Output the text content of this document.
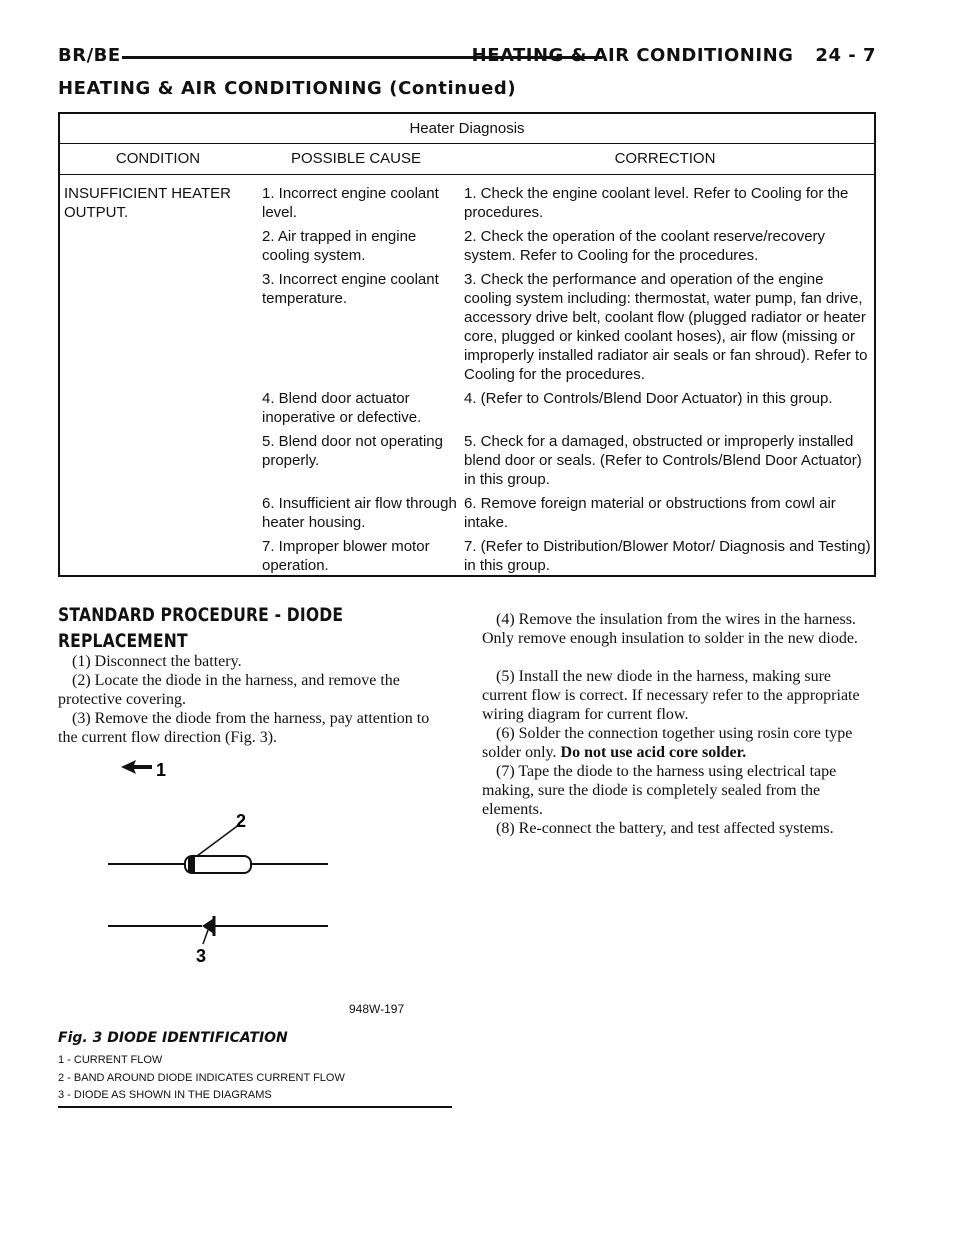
BR/BE	HEATING & AIR CONDITIONING 24 - 7
HEATING & AIR CONDITIONING (Continued)
Heater Diagnosis
CONDITION	POSSIBLE CAUSE	CORRECTION
INSUFFICIENT HEATER OUTPUT.
1. Incorrect engine coolant level.
1. Check the engine coolant level. Refer to Cooling for the procedures.
2. Air trapped in engine cooling system.
2. Check the operation of the coolant reserve/recovery system. Refer to Cooling for the procedures.
3. Incorrect engine coolant temperature.
3. Check the performance and operation of the engine cooling system including: thermostat, water pump, fan drive, accessory drive belt, coolant flow (plugged radiator or heater core, plugged or kinked coolant hoses), air flow (missing or improperly installed radiator air seals or fan shroud). Refer to Cooling for the procedures.
4. Blend door actuator inoperative or defective.
4. (Refer to Controls/Blend Door Actuator) in this group.
5. Blend door not operating properly.
5. Check for a damaged, obstructed or improperly installed blend door or seals. (Refer to Controls/Blend Door Actuator) in this group.
6. Insufficient air flow through heater housing.
6. Remove foreign material or obstructions from cowl air intake.
7. Improper blower motor operation.
7. (Refer to Distribution/Blower Motor/ Diagnosis and Testing) in this group.
STANDARD PROCEDURE - DIODE REPLACEMENT
(1) Disconnect the battery.
(2) Locate the diode in the harness, and remove the protective covering.
(3) Remove the diode from the harness, pay attention to the current flow direction (Fig. 3).
(4) Remove the insulation from the wires in the harness. Only remove enough insulation to solder in the new diode.
(5) Install the new diode in the harness, making sure current flow is correct. If necessary refer to the appropriate wiring diagram for current flow.
(6) Solder the connection together using rosin core type solder only. Do not use acid core solder.
(7) Tape the diode to the harness using electrical tape making, sure the diode is completely sealed from the elements.
(8) Re-connect the battery, and test affected systems.
1
2
3
948W-197
Fig. 3 DIODE IDENTIFICATION
1 - CURRENT FLOW
2 - BAND AROUND DIODE INDICATES CURRENT FLOW
3 - DIODE AS SHOWN IN THE DIAGRAMS
